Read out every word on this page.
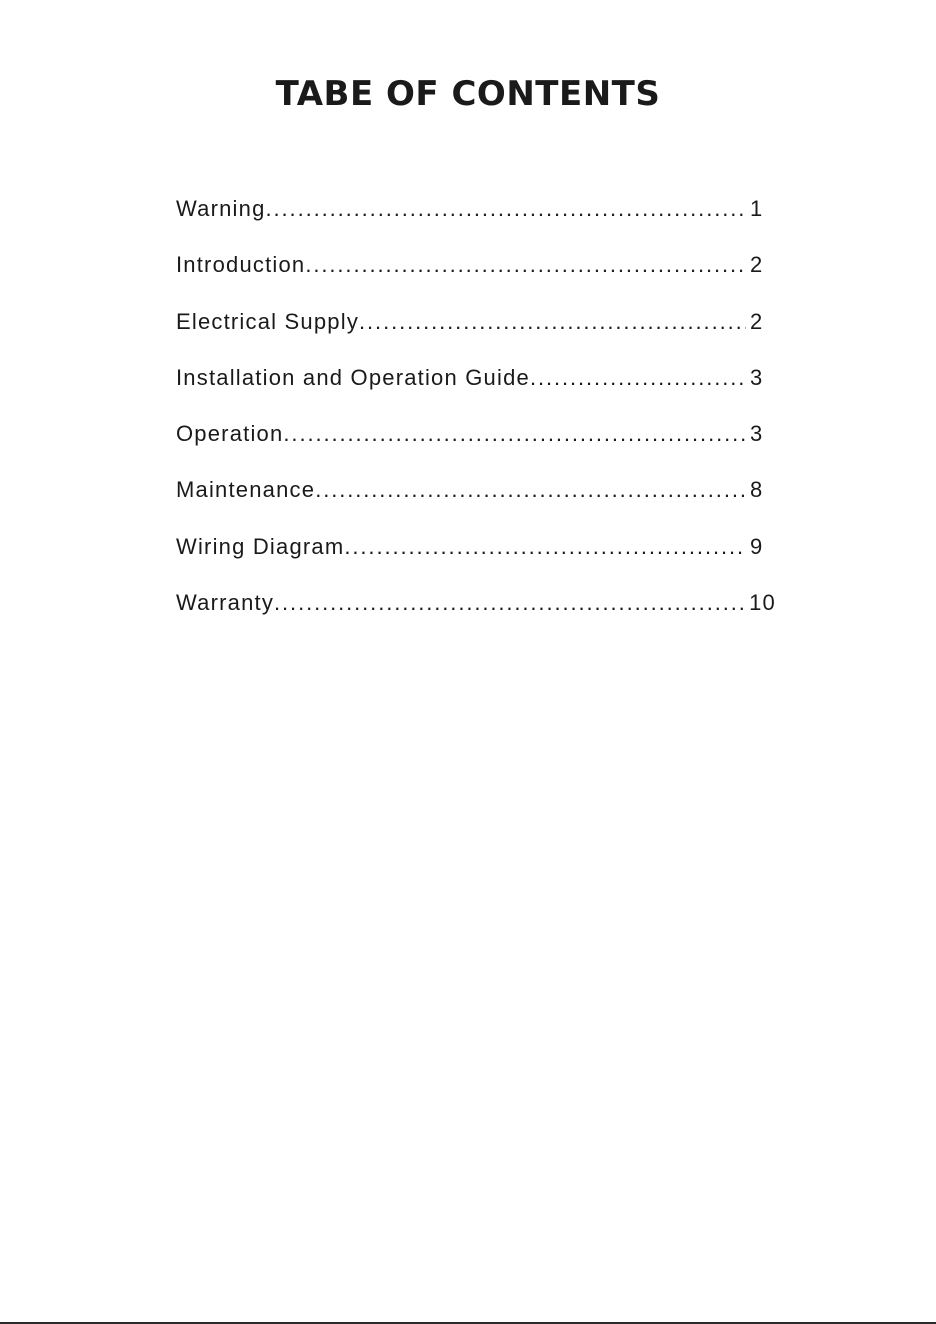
TABE OF CONTENTS
Warning .....	1
Introduction .....	2
Electrical Supply .....	2
Installation and Operation Guide .....	3
Operation .....	3
Maintenance .....	8
Wiring Diagram .....	9
Warranty .....	10
